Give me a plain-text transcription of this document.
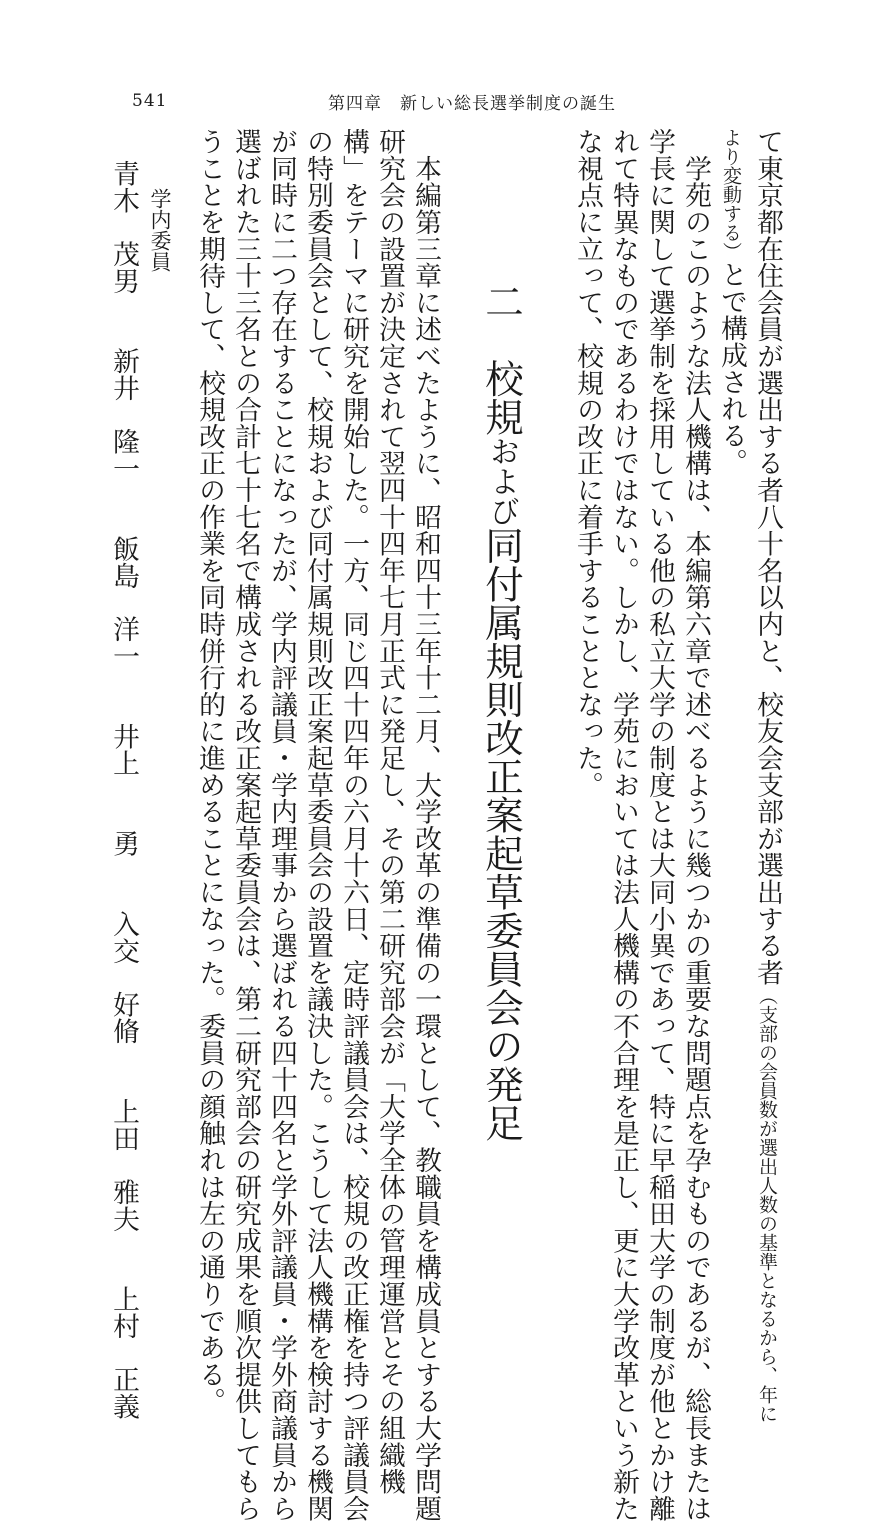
541	第四章　新しい総長選挙制度の誕生
て東京都在住会員が選出する者八十名以内と、校友会支部が選出する者（支部の会員数が選出人数の基準となるから、年に
より変動する）とで構成される。
　学苑のこのような法人機構は、本編第六章で述べるように幾つかの重要な問題点を孕むものであるが、総長または
学長に関して選挙制を採用している他の私立大学の制度とは大同小異であって、特に早稲田大学の制度が他とかけ離
れて特異なものであるわけではない。しかし、学苑においては法人機構の不合理を是正し、更に大学改革という新た
な視点に立って、校規の改正に着手することとなった。
二　校規および同付属規則改正案起草委員会の発足
　本編第三章に述べたように、昭和四十三年十二月、大学改革の準備の一環として、教職員を構成員とする大学問題
研究会の設置が決定されて翌四十四年七月正式に発足し、その第二研究部会が「大学全体の管理運営とその組織機
構」をテーマに研究を開始した。一方、同じ四十四年の六月十六日、定時評議員会は、校規の改正権を持つ評議員会
の特別委員会として、校規および同付属規則改正案起草委員会の設置を議決した。こうして法人機構を検討する機関
が同時に二つ存在することになったが、学内評議員・学内理事から選ばれる四十四名と学外評議員・学外商議員から
選ばれた三十三名との合計七十七名で構成される改正案起草委員会は、第二研究部会の研究成果を順次提供してもら
うことを期待して、校規改正の作業を同時併行的に進めることになった。委員の顔触れは左の通りである。
学内委員
青木　茂男　　新井　隆一　　飯島　洋一　　井上　　勇　　入交　好脩　　上田　雅夫　　上村　正義
